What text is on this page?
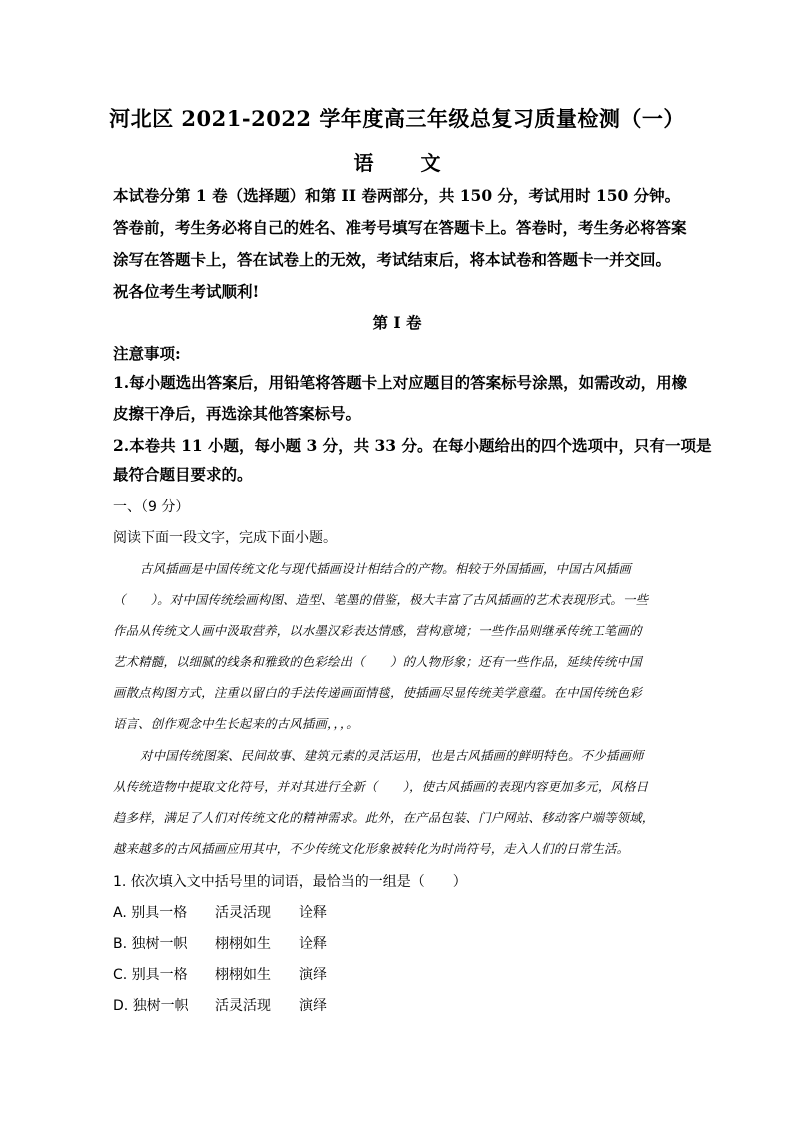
河北区 2021-2022 学年度高三年级总复习质量检测（一）
语 文
本试卷分第 1 卷（选择题）和第 II 卷两部分，共 150 分，考试用时 150 分钟。
答卷前，考生务必将自己的姓名、准考号填写在答题卡上。答卷时，考生务必将答案
涂写在答题卡上，答在试卷上的无效，考试结束后，将本试卷和答题卡一并交回。
祝各位考生考试顺利!
第 I 卷
注意事项:
1.每小题选出答案后，用铅笔将答题卡上对应题目的答案标号涂黑，如需改动，用橡
皮擦干净后，再选涂其他答案标号。
2.本卷共 11 小题，每小题 3 分，共 33 分。在每小题给出的四个选项中，只有一项是
最符合题目要求的。
一、（9 分）
阅读下面一段文字，完成下面小题。
古风插画是中国传统文化与现代插画设计相结合的产物。相较于外国插画，中国古风插画
（　　）。对中国传统绘画构图、造型、笔墨的借鉴，极大丰富了古风插画的艺术表现形式。一些
作品从传统文人画中汲取营养，以水墨汉彩表达情感，营构意境；一些作品则继承传统工笔画的
艺术精髓，以细腻的线条和雅致的色彩绘出（　　）的人物形象；还有一些作品，延续传统中国
画散点构图方式，注重以留白的手法传递画面情毯，使插画尽显传统美学意蕴。在中国传统色彩
语言、创作观念中生长起来的古风插画，，，。
对中国传统图案、民间故事、建筑元素的灵活运用，也是古风插画的鲜明特色。不少插画师
从传统造物中提取文化符号，并对其进行全新（　　），使古风插画的表现内容更加多元，风格日
趋多样，满足了人们对传统文化的精神需求。此外，在产品包装、门户网站、移动客户端等领域，
越来越多的古风插画应用其中，不少传统文化形象被转化为时尚符号，走入人们的日常生活。
1. 依次填入文中括号里的词语，最恰当的一组是（　　）
A. 别具一格 活灵活现 诠释
B. 独树一帜 栩栩如生 诠释
C. 别具一格 栩栩如生 演绎
D. 独树一帜 活灵活现 演绎
